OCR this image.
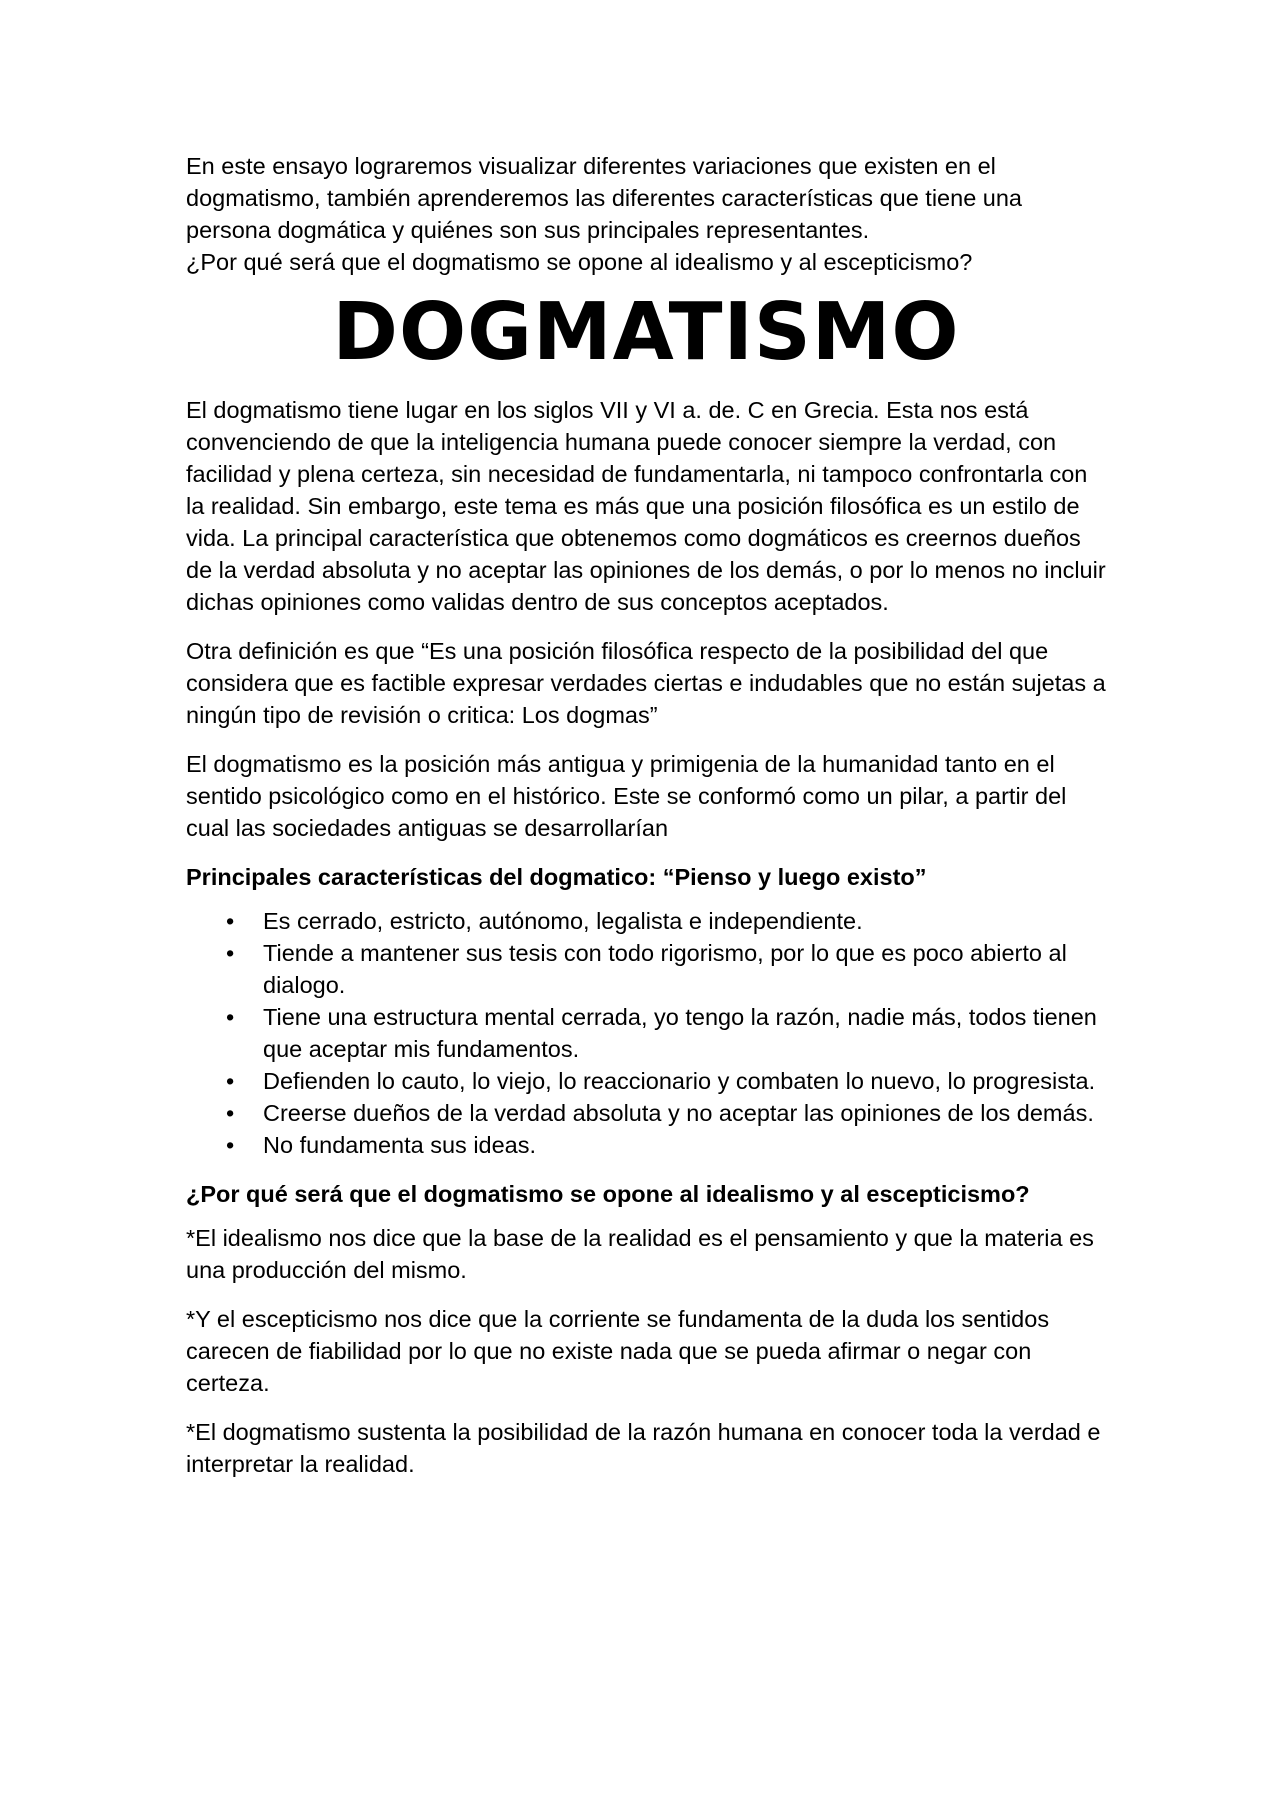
En este ensayo lograremos visualizar diferentes variaciones que existen en el dogmatismo, también aprenderemos las diferentes características que tiene una persona dogmática y quiénes son sus principales representantes.

¿Por qué será que el dogmatismo se opone al idealismo y al escepticismo?

DOGMATISMO

El dogmatismo tiene lugar en los siglos VII y VI a. de. C en Grecia. Esta nos está convenciendo de que la inteligencia humana puede conocer siempre la verdad, con facilidad y plena certeza, sin necesidad de fundamentarla, ni tampoco confrontarla con la realidad. Sin embargo, este tema es más que una posición filosófica es un estilo de vida. La principal característica que obtenemos como dogmáticos es creernos dueños de la verdad absoluta y no aceptar las opiniones de los demás, o por lo menos no incluir dichas opiniones como validas dentro de sus conceptos aceptados.

Otra definición es que “Es una posición filosófica respecto de la posibilidad del que considera que es factible expresar verdades ciertas e indudables que no están sujetas a ningún tipo de revisión o critica: Los dogmas”

El dogmatismo es la posición más antigua y primigenia de la humanidad tanto en el sentido psicológico como en el histórico. Este se conformó como un pilar, a partir del cual las sociedades antiguas se desarrollarían

Principales características del dogmatico: “Pienso y luego existo”
• Es cerrado, estricto, autónomo, legalista e independiente.
• Tiende a mantener sus tesis con todo rigorismo, por lo que es poco abierto al dialogo.
• Tiene una estructura mental cerrada, yo tengo la razón, nadie más, todos tienen que aceptar mis fundamentos.
• Defienden lo cauto, lo viejo, lo reaccionario y combaten lo nuevo, lo progresista.
• Creerse dueños de la verdad absoluta y no aceptar las opiniones de los demás.
• No fundamenta sus ideas.
¿Por qué será que el dogmatismo se opone al idealismo y al escepticismo?

*El idealismo nos dice que la base de la realidad es el pensamiento y que la materia es una producción del mismo.

*Y el escepticismo nos dice que la corriente se fundamenta de la duda los sentidos carecen de fiabilidad por lo que no existe nada que se pueda afirmar o negar con certeza.

*El dogmatismo sustenta la posibilidad de la razón humana en conocer toda la verdad e interpretar la realidad.
